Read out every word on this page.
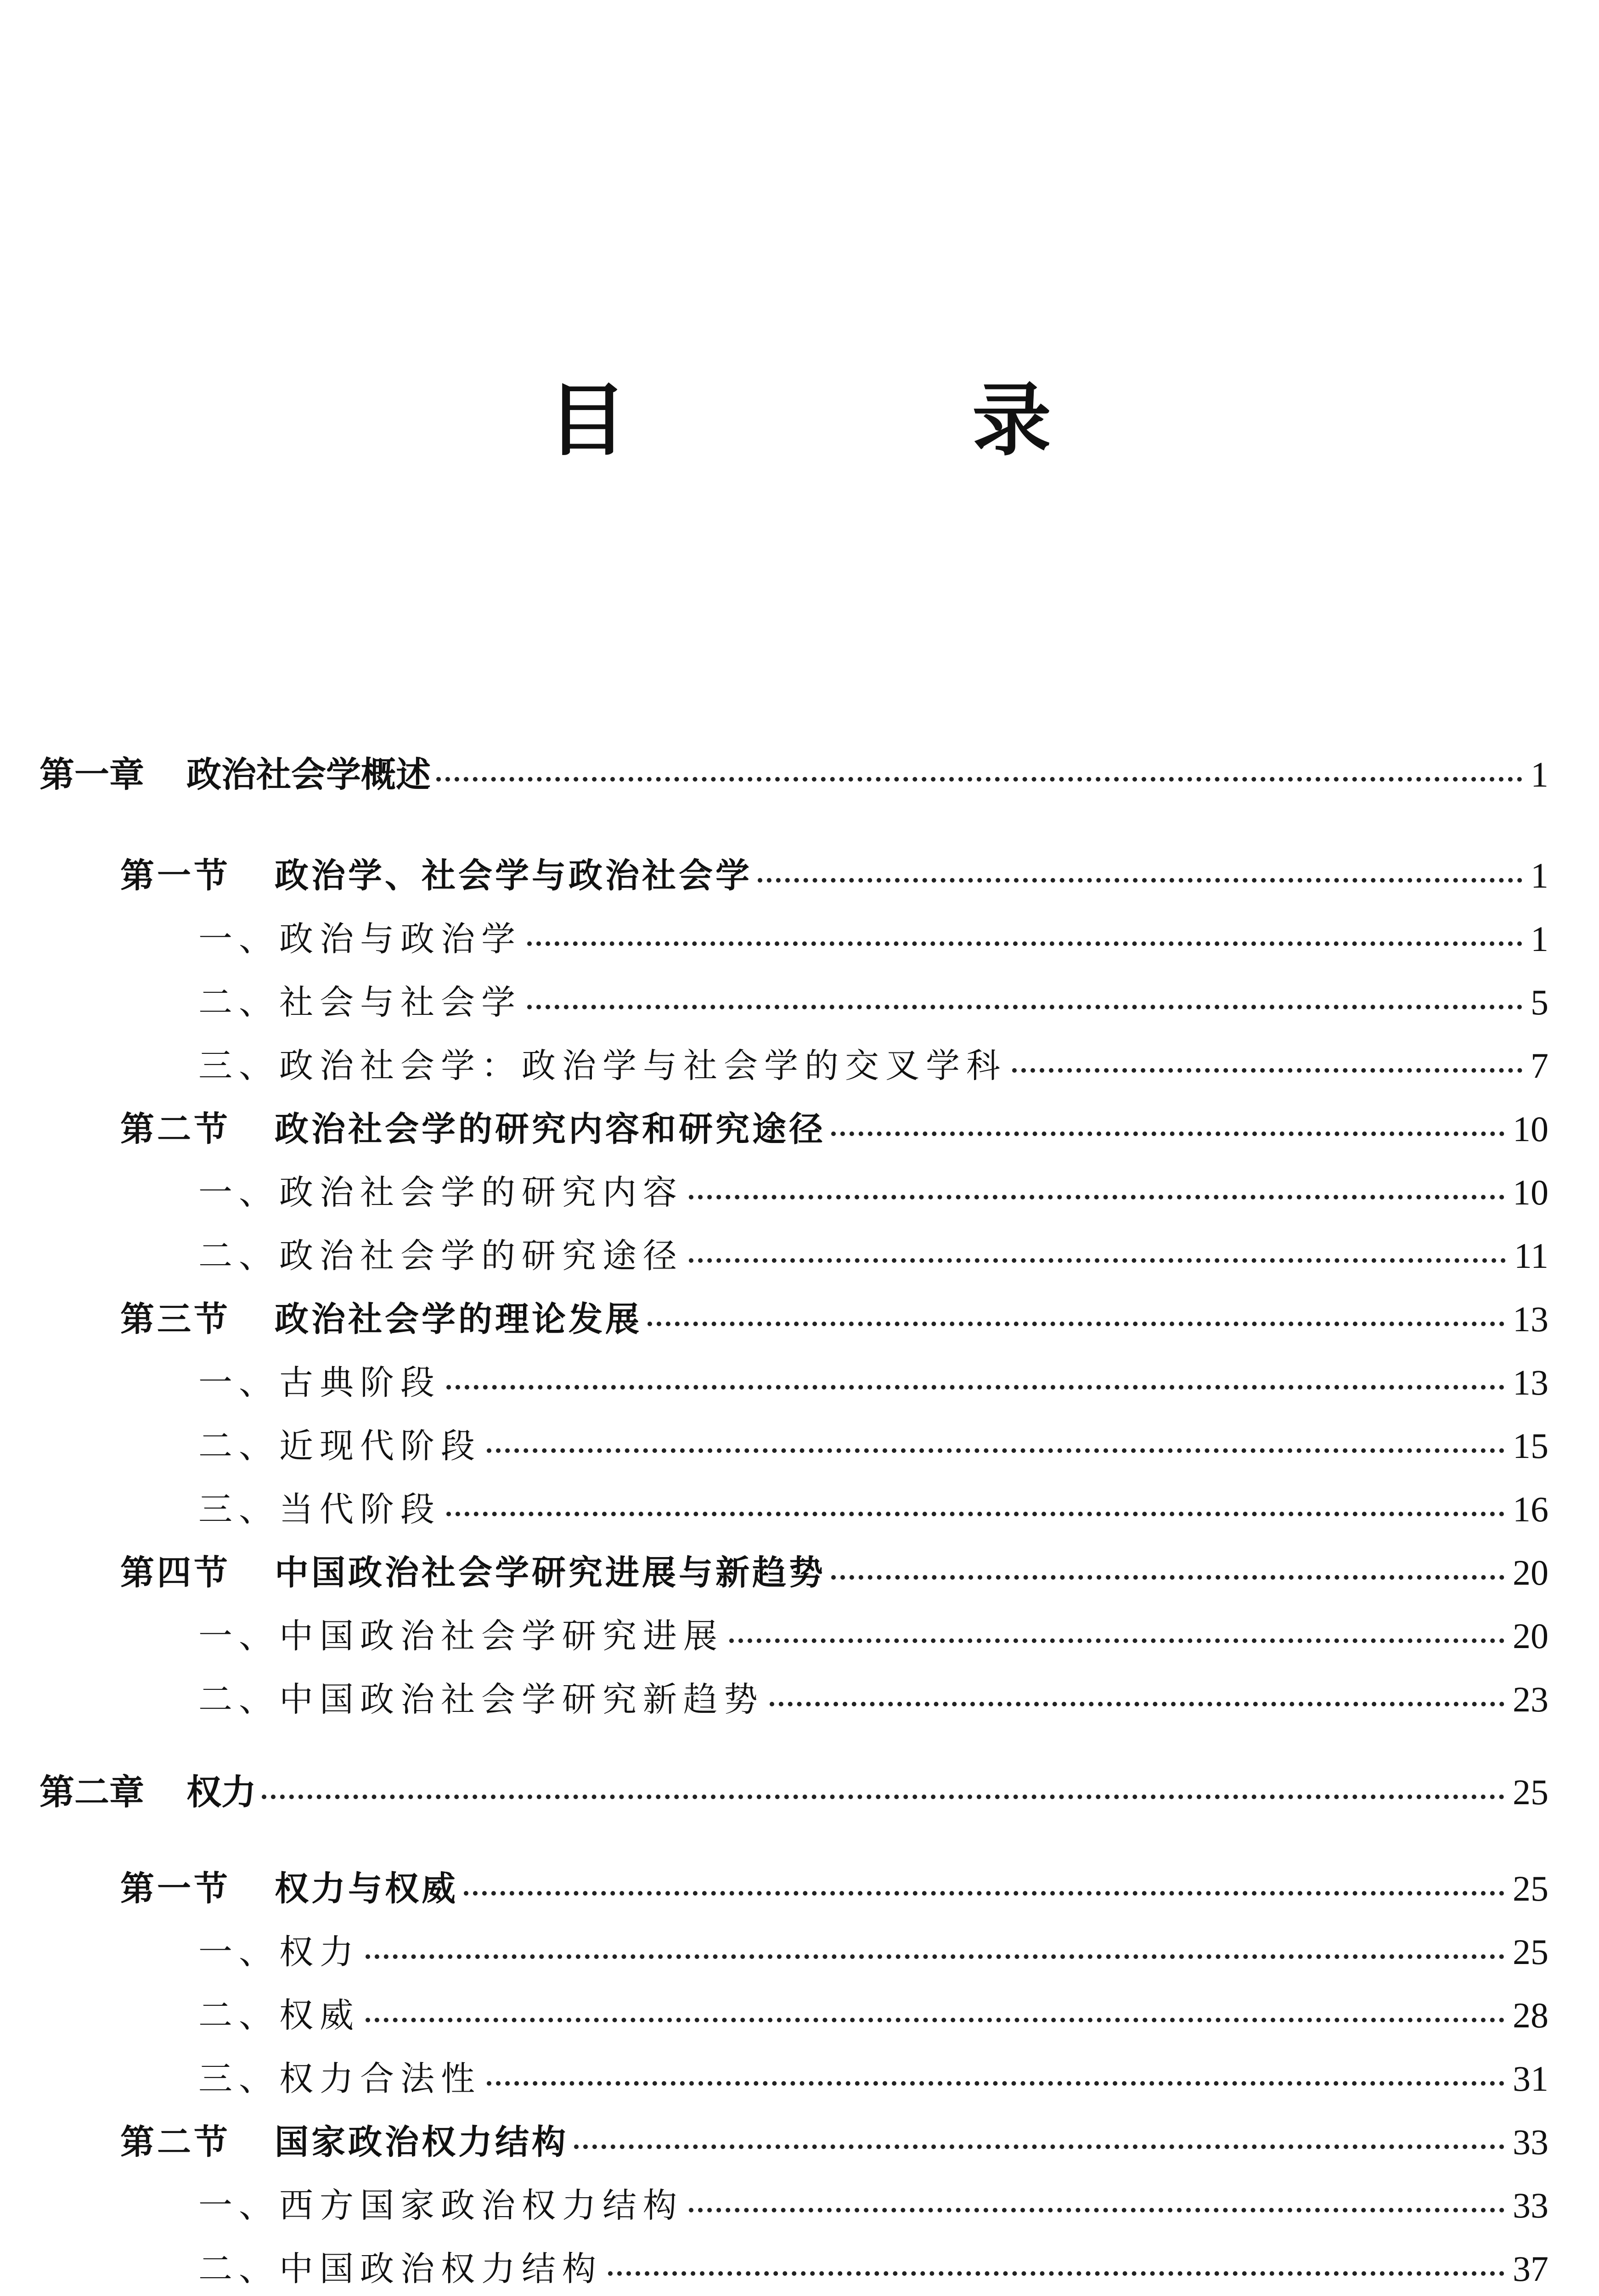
目　录
第一章 政治社会学概述	1
第一节 政治学、社会学与政治社会学	1
一、政治与政治学	1
二、社会与社会学	5
三、政治社会学：政治学与社会学的交叉学科	7
第二节 政治社会学的研究内容和研究途径	10
一、政治社会学的研究内容	10
二、政治社会学的研究途径	11
第三节 政治社会学的理论发展	13
一、古典阶段	13
二、近现代阶段	15
三、当代阶段	16
第四节 中国政治社会学研究进展与新趋势	20
一、中国政治社会学研究进展	20
二、中国政治社会学研究新趋势	23
第二章 权力	25
第一节 权力与权威	25
一、权力	25
二、权威	28
三、权力合法性	31
第二节 国家政治权力结构	33
一、西方国家政治权力结构	33
二、中国政治权力结构	37
